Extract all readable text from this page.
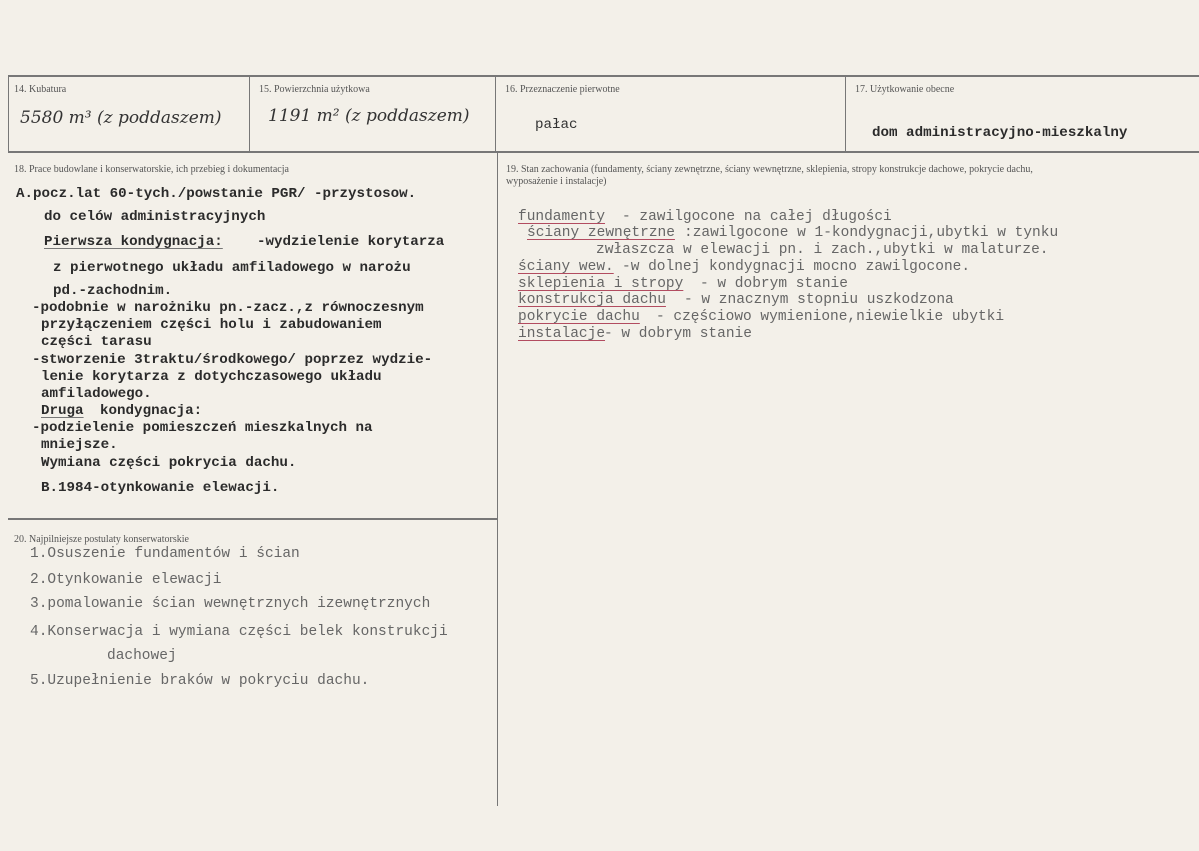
14. Kubatura
5580 m³ (z poddaszem)
15. Powierzchnia użytkowa
1191 m² (z poddaszem)
16. Przeznaczenie pierwotne
pałac
17. Użytkowanie obecne
dom administracyjno-mieszkalny
18. Prace budowlane i konserwatorskie, ich przebieg i dokumentacja
A.pocz.lat 60-tych./powstanie PGR/ -przystosow.
do celów administracyjnych
Pierwsza kondygnacja: -wydzielenie korytarza
z pierwotnego układu amfiladowego w narożu
pd.-zachodnim.
-podobnie w narożniku pn.-zacz.,z równoczesnym
przyłączeniem części holu i zabudowaniem
części tarasu
-stworzenie 3traktu/środkowego/ poprzez wydzie-
lenie korytarza z dotychczasowego układu
amfiladowego.
Druga kondygnacja:
-podzielenie pomieszczeń mieszkalnych na
mniejsze.
Wymiana części pokrycia dachu.
B.1984-otynkowanie elewacji.
19. Stan zachowania (fundamenty, ściany zewnętrzne, ściany wewnętrzne, sklepienia, stropy konstrukcje dachowe, pokrycie dachu, wyposażenie i instalacje)
fundamenty - zawilgocone na całej długości
ściany zewnętrzne :zawilgocone w 1-kondygnacji,ubytki w tynku
zwłaszcza w elewacji pn. i zach.,ubytki w malaturze.
ściany wew. -w dolnej kondygnacji mocno zawilgocone.
sklepienia i stropy - w dobrym stanie
konstrukcja dachu - w znacznym stopniu uszkodzona
pokrycie dachu - częściowo wymienione,niewielkie ubytki
instalacje
- w dobrym stanie
20. Najpilniejsze postulaty konserwatorskie
1.Osuszenie fundamentów i ścian
2.Otynkowanie elewacji
3.pomalowanie ścian wewnętrznych izewnętrznych
4.Konserwacja i wymiana części belek konstrukcji
dachowej
5.Uzupełnienie braków w pokryciu dachu.
